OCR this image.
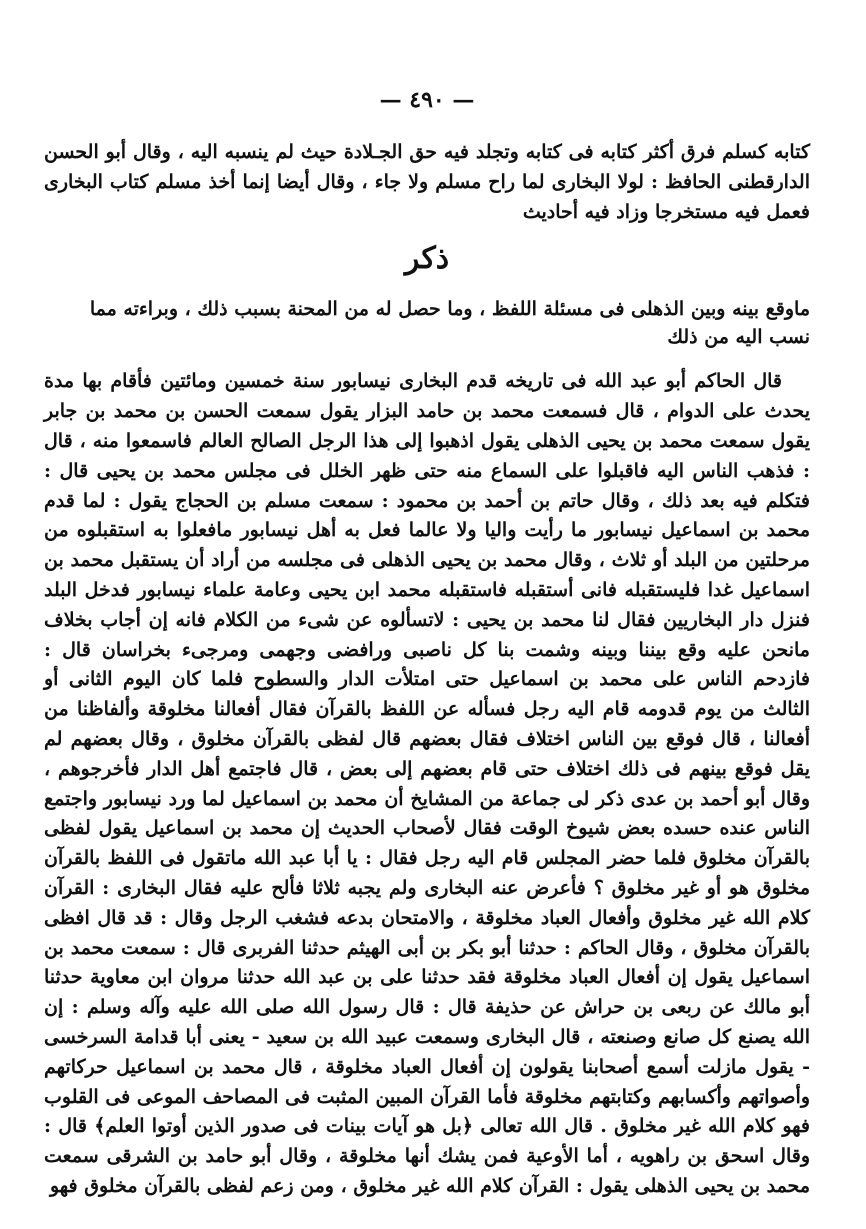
— ٤٩٠ —

كتابه كسلم فرق أكثر كتابه فى كتابه وتجلد فيه حق الجـلادة حيث لم ينسبه اليه ، وقال أبو الحسن الدارقطنى الحافظ : لولا البخارى لما راح مسلم ولا جاء ، وقال أيضا إنما أخذ مسلم كتاب البخارى فعمل فيه مستخرجا وزاد فيه أحاديث

ذكر

ماوقع بينه وبين الذهلى فى مسئلة اللفظ ، وما حصل له من المحنة بسبب ذلك ، وبراءته مما نسب اليه من ذلك

قال الحاكم أبو عبد الله فى تاريخه قدم البخارى نيسابور سنة خمسين ومائتين فأقام بها مدة يحدث على الدوام ، قال فسمعت محمد بن حامد البزار يقول سمعت الحسن بن محمد بن جابر يقول سمعت محمد بن يحيى الذهلى يقول اذهبوا إلى هذا الرجل الصالح العالم فاسمعوا منه ، قال : فذهب الناس اليه فاقبلوا على السماع منه حتى ظهر الخلل فى مجلس محمد بن يحيى قال : فتكلم فيه بعد ذلك ، وقال حاتم بن أحمد بن محمود : سمعت مسلم بن الحجاج يقول : لما قدم محمد بن اسماعيل نيسابور ما رأيت واليا ولا عالما فعل به أهل نيسابور مافعلوا به استقبلوه من مرحلتين من البلد أو ثلاث ، وقال محمد بن يحيى الذهلى فى مجلسه من أراد أن يستقبل محمد بن اسماعيل غدا فليستقبله فانى أستقبله فاستقبله محمد ابن يحيى وعامة علماء نيسابور فدخل البلد فنزل دار البخاريين فقال لنا محمد بن يحيى : لاتسألوه عن شىء من الكلام فانه إن أجاب بخلاف مانحن عليه وقع بيننا وبينه وشمت بنا كل ناصبى ورافضى وجهمى ومرجىء بخراسان قال : فازدحم الناس على محمد بن اسماعيل حتى امتلأت الدار والسطوح فلما كان اليوم الثانى أو الثالث من يوم قدومه قام اليه رجل فسأله عن اللفظ بالقرآن فقال أفعالنا مخلوقة وألفاظنا من أفعالنا ، قال فوقع بين الناس اختلاف فقال بعضهم قال لفظى بالقرآن مخلوق ، وقال بعضهم لم يقل فوقع بينهم فى ذلك اختلاف حتى قام بعضهم إلى بعض ، قال فاجتمع أهل الدار فأخرجوهم ، وقال أبو أحمد بن عدى ذكر لى جماعة من المشايخ أن محمد بن اسماعيل لما ورد نيسابور واجتمع الناس عنده حسده بعض شيوخ الوقت فقال لأصحاب الحديث إن محمد بن اسماعيل يقول لفظى بالقرآن مخلوق فلما حضر المجلس قام اليه رجل فقال : يا أبا عبد الله ماتقول فى اللفظ بالقرآن مخلوق هو أو غير مخلوق ؟ فأعرض عنه البخارى ولم يجبه ثلاثا فألح عليه فقال البخارى : القرآن كلام الله غير مخلوق وأفعال العباد مخلوقة ، والامتحان بدعه فشغب الرجل وقال : قد قال افظى بالقرآن مخلوق ، وقال الحاكم : حدثنا أبو بكر بن أبى الهيثم حدثنا الفربرى قال : سمعت محمد بن اسماعيل يقول إن أفعال العباد مخلوقة فقد حدثنا على بن عبد الله حدثنا مروان ابن معاوية حدثنا أبو مالك عن ربعى بن حراش عن حذيفة قال : قال رسول الله صلى الله عليه وآله وسلم : إن الله يصنع كل صانع وصنعته ، قال البخارى وسمعت عبيد الله بن سعيد - يعنى أبا قدامة السرخسى - يقول مازلت أسمع أصحابنا يقولون إن أفعال العباد مخلوقة ، قال محمد بن اسماعيل حركاتهم وأصواتهم وأكسابهم وكتابتهم مخلوقة فأما القرآن المبين المثبت فى المصاحف الموعى فى القلوب فهو كلام الله غير مخلوق . قال الله تعالى ﴿بل هو آيات بينات فى صدور الذين أوتوا العلم﴾ قال : وقال اسحق بن راهويه ، أما الأوعية فمن يشك أنها مخلوقة ، وقال أبو حامد بن الشرقى سمعت محمد بن يحيى الذهلى يقول : القرآن كلام الله غير مخلوق ، ومن زعم لفظى بالقرآن مخلوق فهو
